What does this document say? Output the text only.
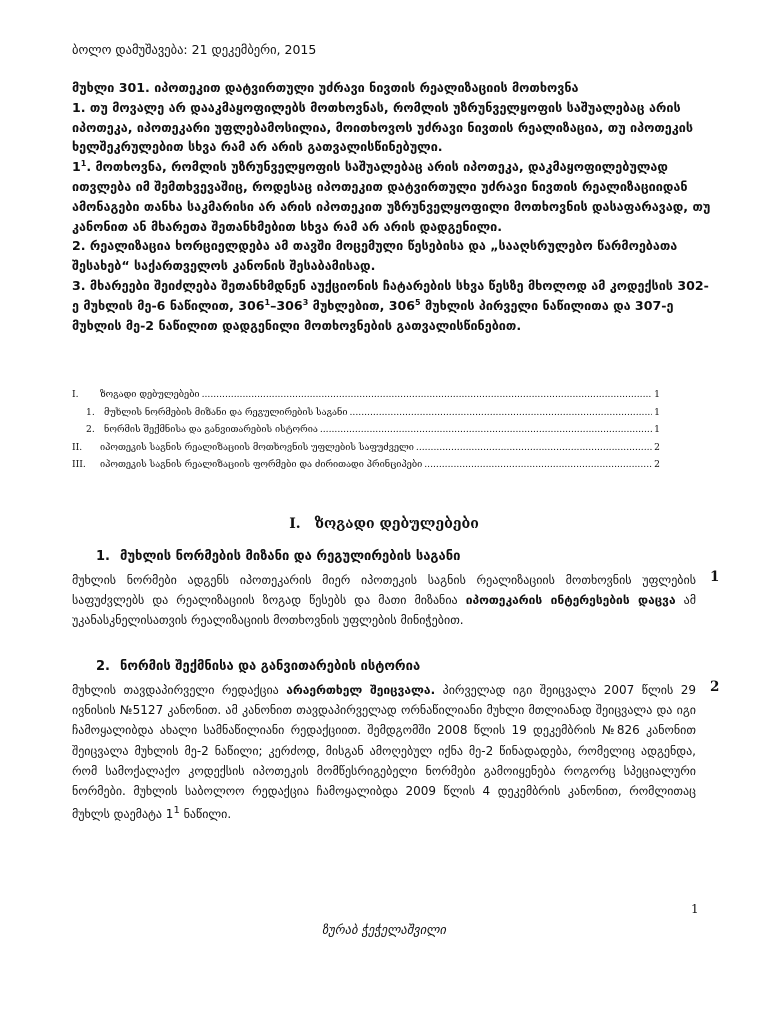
ბოლო დამუშავება: 21 დეკემბერი, 2015

მუხლი 301. იპოთეკით დატვირთული უძრავი ნივთის რეალიზაციის მოთხოვნა

1. თუ მოვალე არ დააკმაყოფილებს მოთხოვნას, რომლის უზრუნველყოფის საშუალებაც არის იპოთეკა, იპოთეკარი უფლებამოსილია, მოითხოვოს უძრავი ნივთის რეალიზაცია, თუ იპოთეკის ხელშეკრულებით სხვა რამ არ არის გათვალისწინებული.

$1^1$. მოთხოვნა, რომლის უზრუნველყოფის საშუალებაც არის იპოთეკა, დაკმაყოფილებულად ითვლება იმ შემთხვევაშიც, როდესაც იპოთეკით დატვირთული უძრავი ნივთის რეალიზაციიდან ამონაგები თანხა საკმარისი არ არის იპოთეკით უზრუნველყოფილი მოთხოვნის დასაფარავად, თუ კანონით ან მხარეთა შეთანხმებით სხვა რამ არ არის დადგენილი.

2. რეალიზაცია ხორციელდება ამ თავში მოცემული წესებისა და „სააღსრულებო წარმოებათა შესახებ“ საქართველოს კანონის შესაბამისად.

3. მხარეები შეიძლება შეთანხმდნენ აუქციონის ჩატარების სხვა წესზე მხოლოდ ამ კოდექსის 302-ე მუხლის მე-6 ნაწილით, $306^1-306^3$ მუხლებით, $306^5$ მუხლის პირველი ნაწილითა და 307-ე მუხლის მე-2 ნაწილით დადგენილი მოთხოვნების გათვალისწინებით.

I.	ზოგადი დებულებები .....	1
1.	მუხლის ნორმების მიზანი და რეგულირების საგანი .....	1
2.	ნორმის შექმნისა და განვითარების ისტორია .....	1
II.	იპოთეკის საგნის რეალიზაციის მოთხოვნის უფლების საფუძველი .....	2
III.	იპოთეკის საგნის რეალიზაციის ფორმები და ძირითადი პრინციპები .....	2
I. ზოგადი დებულებები
1. მუხლის ნორმების მიზანი და რეგულირების საგანი
მუხლის ნორმები ადგენს იპოთეკარის მიერ იპოთეკის საგნის რეალიზაციის მოთხოვნის უფლების საფუძვლებს და რეალიზაციის ზოგად წესებს და მათი მიზანია იპოთეკარის ინტერესების დაცვა ამ უკანასკნელისათვის რეალიზაციის მოთხოვნის უფლების მინიჭებით.
1
2. ნორმის შექმნისა და განვითარების ისტორია
მუხლის თავდაპირველი რედაქცია არაერთხელ შეიცვალა. პირველად იგი შეიცვალა 2007 წლის 29 ივნისის №5127 კანონით. ამ კანონით თავდაპირველად ორნაწილიანი მუხლი მთლიანად შეიცვალა და იგი ჩამოყალიბდა ახალი სამნაწილიანი რედაქციით. შემდგომში 2008 წლის 19 დეკემბრის №826 კანონით შეიცვალა მუხლის მე-2 ნაწილი; კერძოდ, მისგან ამოღებულ იქნა მე-2 წინადადება, რომელიც ადგენდა, რომ სამოქალაქო კოდექსის იპოთეკის მომწესრიგებელი ნორმები გამოიყენება როგორც სპეციალური ნორმები. მუხლის საბოლოო რედაქცია ჩამოყალიბდა 2009 წლის 4 დეკემბრის კანონით, რომლითაც მუხლს დაემატა $1^1$ ნაწილი.
2
1
ზურაბ ჭეჭელაშვილი
